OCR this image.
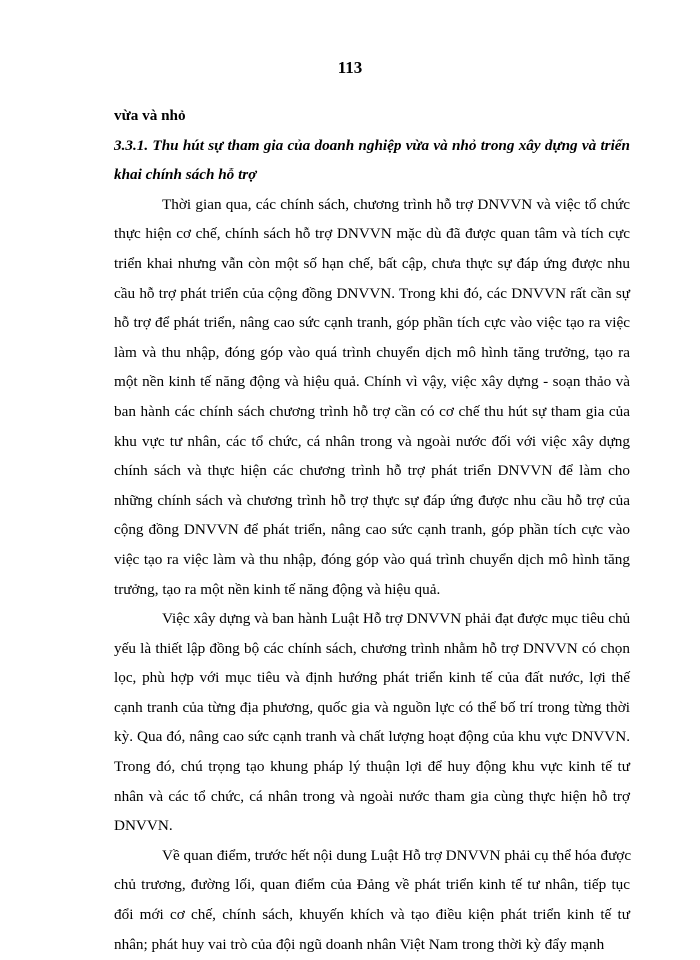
113
vừa và nhỏ
3.3.1. Thu hút sự tham gia của doanh nghiệp vừa và nhỏ trong xây dựng và triển
khai chính sách hỗ trợ
Thời gian qua, các chính sách, chương trình hỗ trợ DNVVN và việc tổ chức
thực hiện cơ chế, chính sách hỗ trợ DNVVN mặc dù đã được quan tâm và tích cực
triển khai nhưng vẫn còn một số hạn chế, bất cập, chưa thực sự đáp ứng được nhu
cầu hỗ trợ phát triển của cộng đồng DNVVN. Trong khi đó, các DNVVN rất cần sự
hỗ trợ để phát triển, nâng cao sức cạnh tranh, góp phần tích cực vào việc tạo ra việc
làm và thu nhập, đóng góp vào quá trình chuyển dịch mô hình tăng trưởng, tạo ra
một nền kinh tế năng động và hiệu quả. Chính vì vậy, việc xây dựng - soạn thảo và
ban hành các chính sách chương trình hỗ trợ cần có cơ chế thu hút sự tham gia của
khu vực tư nhân, các tổ chức, cá nhân trong và ngoài nước đối với việc xây dựng
chính sách và thực hiện các chương trình hỗ trợ phát triển DNVVN để làm cho
những chính sách và chương trình hỗ trợ thực sự đáp ứng được nhu cầu hỗ trợ của
cộng đồng DNVVN để phát triển, nâng cao sức cạnh tranh, góp phần tích cực vào
việc tạo ra việc làm và thu nhập, đóng góp vào quá trình chuyển dịch mô hình tăng
trưởng, tạo ra một nền kinh tế năng động và hiệu quả.
Việc xây dựng và ban hành Luật Hỗ trợ DNVVN phải đạt được mục tiêu chủ
yếu là thiết lập đồng bộ các chính sách, chương trình nhằm hỗ trợ DNVVN có chọn
lọc, phù hợp với mục tiêu và định hướng phát triển kinh tế của đất nước, lợi thế
cạnh tranh của từng địa phương, quốc gia và nguồn lực có thể bố trí trong từng thời
kỳ. Qua đó, nâng cao sức cạnh tranh và chất lượng hoạt động của khu vực DNVVN.
Trong đó, chú trọng tạo khung pháp lý thuận lợi để huy động khu vực kinh tế tư
nhân và các tổ chức, cá nhân trong và ngoài nước tham gia cùng thực hiện hỗ trợ
DNVVN.
Về quan điểm, trước hết nội dung Luật Hỗ trợ DNVVN phải cụ thể hóa được
chủ trương, đường lối, quan điểm của Đảng về phát triển kinh tế tư nhân, tiếp tục
đổi mới cơ chế, chính sách, khuyến khích và tạo điều kiện phát triển kinh tế tư
nhân; phát huy vai trò của đội ngũ doanh nhân Việt Nam trong thời kỳ đẩy mạnh
